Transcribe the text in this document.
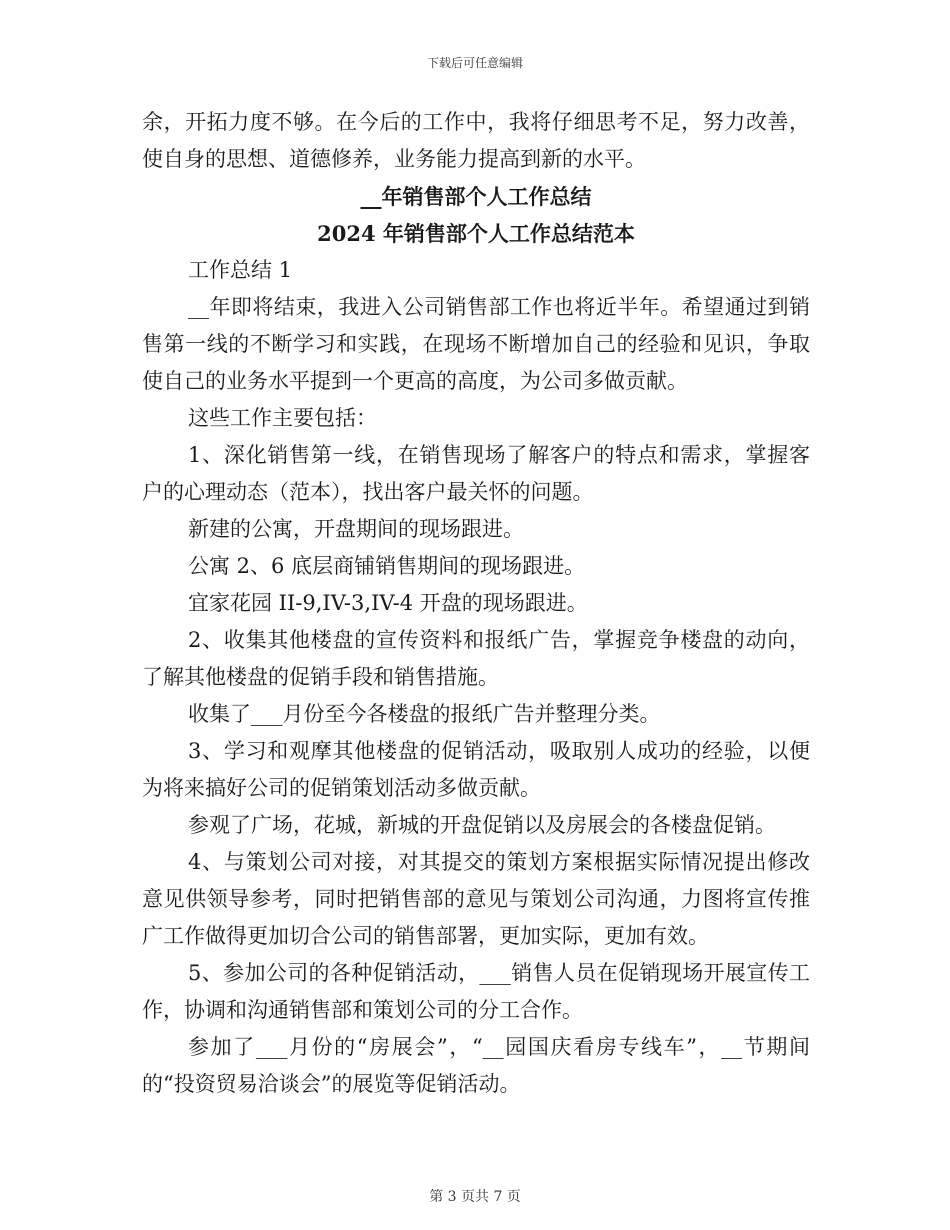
下载后可任意编辑

余，开拓力度不够。在今后的工作中，我将仔细思考不足，努力改善，使自身的思想、道德修养，业务能力提高到新的水平。

__年销售部个人工作总结

2024 年销售部个人工作总结范本

工作总结 1

__年即将结束，我进入公司销售部工作也将近半年。希望通过到销售第一线的不断学习和实践，在现场不断增加自己的经验和见识，争取使自己的业务水平提到一个更高的高度，为公司多做贡献。

这些工作主要包括：

1、深化销售第一线，在销售现场了解客户的特点和需求，掌握客户的心理动态（范本），找出客户最关怀的问题。

新建的公寓，开盘期间的现场跟进。

公寓 2、6 底层商铺销售期间的现场跟进。

宜家花园 II-9,IV-3,IV-4 开盘的现场跟进。

2、收集其他楼盘的宣传资料和报纸广告，掌握竞争楼盘的动向，了解其他楼盘的促销手段和销售措施。

收集了___月份至今各楼盘的报纸广告并整理分类。

3、学习和观摩其他楼盘的促销活动，吸取别人成功的经验，以便为将来搞好公司的促销策划活动多做贡献。

参观了广场，花城，新城的开盘促销以及房展会的各楼盘促销。

4、与策划公司对接，对其提交的策划方案根据实际情况提出修改意见供领导参考，同时把销售部的意见与策划公司沟通，力图将宣传推广工作做得更加切合公司的销售部署，更加实际，更加有效。

5、参加公司的各种促销活动，___销售人员在促销现场开展宣传工作，协调和沟通销售部和策划公司的分工合作。

参加了___月份的“房展会”，“__园国庆看房专线车”，__节期间的“投资贸易洽谈会”的展览等促销活动。

第 3 页共 7 页
